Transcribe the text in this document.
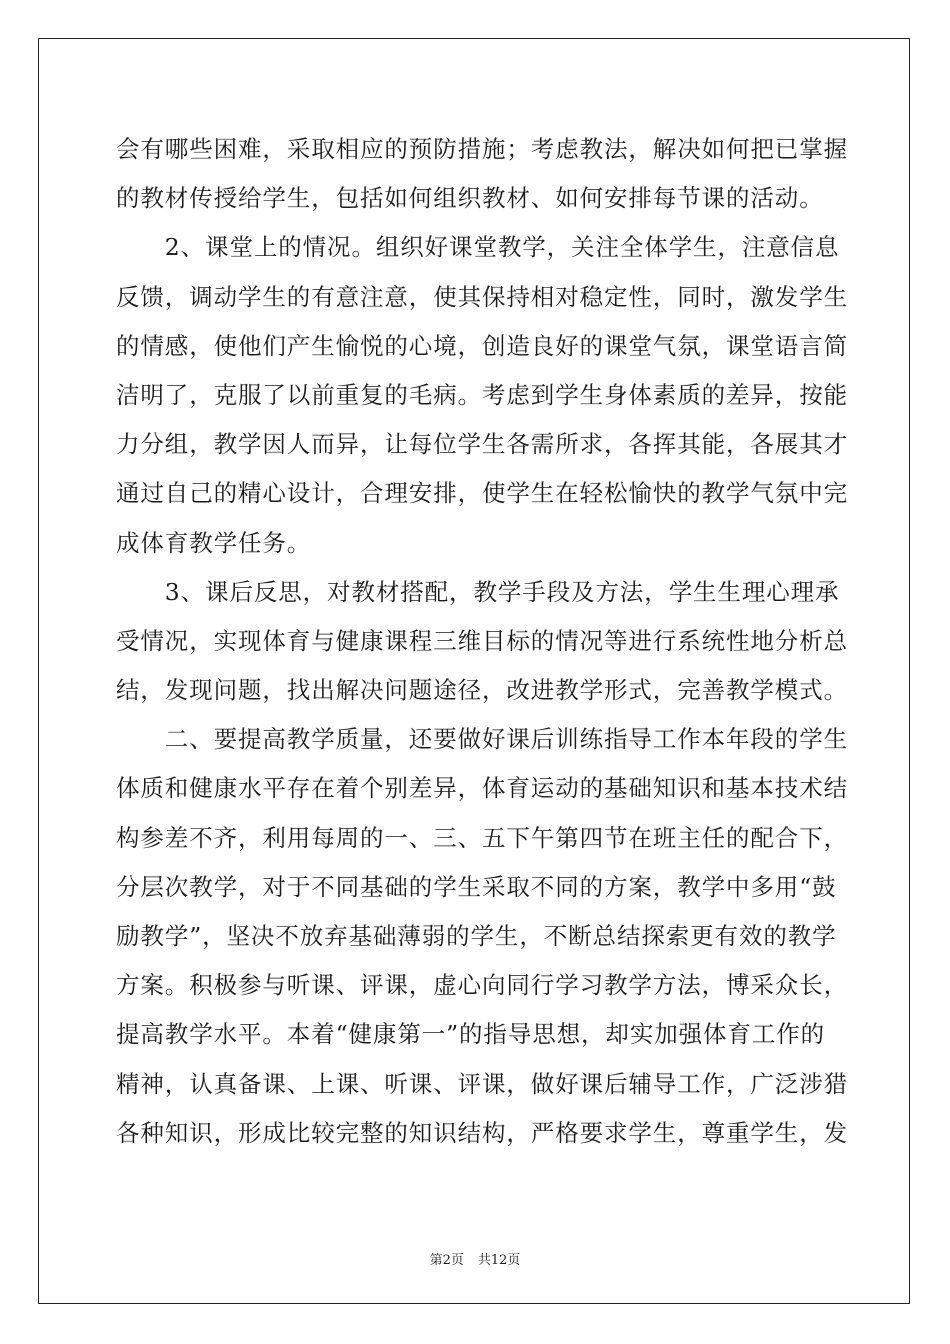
会有哪些困难，采取相应的预防措施；考虑教法，解决如何把已掌握
的教材传授给学生，包括如何组织教材、如何安排每节课的活动。
　　2、课堂上的情况。组织好课堂教学，关注全体学生，注意信息
反馈，调动学生的有意注意，使其保持相对稳定性，同时，激发学生
的情感，使他们产生愉悦的心境，创造良好的课堂气氛，课堂语言简
洁明了，克服了以前重复的毛病。考虑到学生身体素质的差异，按能
力分组，教学因人而异，让每位学生各需所求，各挥其能，各展其才
通过自己的精心设计，合理安排，使学生在轻松愉快的教学气氛中完
成体育教学任务。
　　3、课后反思，对教材搭配，教学手段及方法，学生生理心理承
受情况，实现体育与健康课程三维目标的情况等进行系统性地分析总
结，发现问题，找出解决问题途径，改进教学形式，完善教学模式。
　　二、要提高教学质量，还要做好课后训练指导工作本年段的学生
体质和健康水平存在着个别差异，体育运动的基础知识和基本技术结
构参差不齐，利用每周的一、三、五下午第四节在班主任的配合下，
分层次教学，对于不同基础的学生采取不同的方案，教学中多用“鼓
励教学”，坚决不放弃基础薄弱的学生，不断总结探索更有效的教学
方案。积极参与听课、评课，虚心向同行学习教学方法，博采众长，
提高教学水平。本着“健康第一”的指导思想，却实加强体育工作的
精神，认真备课、上课、听课、评课，做好课后辅导工作，广泛涉猎
各种知识，形成比较完整的知识结构，严格要求学生，尊重学生，发
第2页 共12页
